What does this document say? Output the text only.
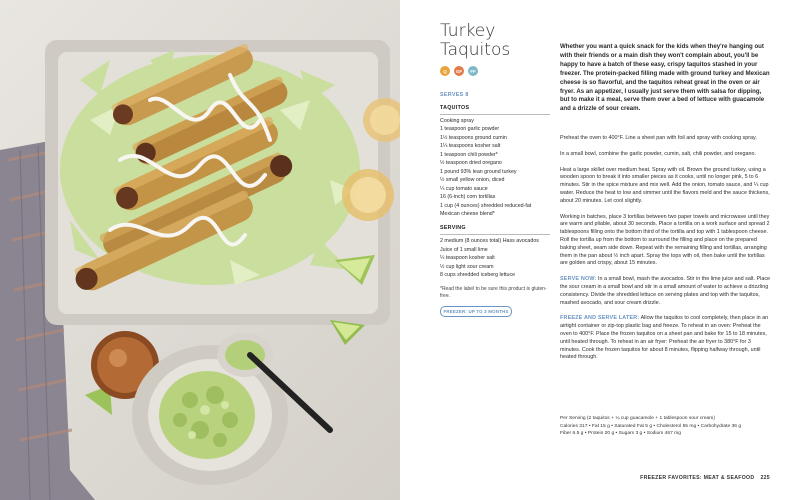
Turkey
Taquitos
Q	GF	FF
SERVES 8
TAQUITOS
Cooking spray
1 teaspoon garlic powder
1½ teaspoons ground cumin
1¼ teaspoons kosher salt
1 teaspoon chili powder*
½ teaspoon dried oregano
1 pound 93% lean ground turkey
½ small yellow onion, diced
¼ cup tomato sauce
16 (6-inch) corn tortillas
1 cup (4 ounces) shredded reduced-fat Mexican cheese blend*
SERVING
2 medium (8 ounces total) Hass avocados
Juice of 1 small lime
¼ teaspoon kosher salt
½ cup light sour cream
8 cups shredded iceberg lettuce
*Read the label to be sure this product is gluten-free.
FREEZER: UP TO 3 MONTHS
Whether you want a quick snack for the kids when they're hanging out with their friends or a main dish they won't complain about, you'll be happy to have a batch of these easy, crispy taquitos stashed in your freezer. The protein-packed filling made with ground turkey and Mexican cheese is so flavorful, and the taquitos reheat great in the oven or air fryer. As an appetizer, I usually just serve them with salsa for dipping, but to make it a meal, serve them over a bed of lettuce with guacamole and a drizzle of sour cream.

Preheat the oven to 400°F. Line a sheet pan with foil and spray with cooking spray.

In a small bowl, combine the garlic powder, cumin, salt, chili powder, and oregano.

Heat a large skillet over medium heat. Spray with oil. Brown the ground turkey, using a wooden spoon to break it into smaller pieces as it cooks, until no longer pink, 5 to 6 minutes. Stir in the spice mixture and mix well. Add the onion, tomato sauce, and ¼ cup water. Reduce the heat to low and simmer until the flavors meld and the sauce thickens, about 20 minutes. Let cool slightly.

Working in batches, place 3 tortillas between two paper towels and microwave until they are warm and pliable, about 30 seconds. Place a tortilla on a work surface and spread 2 tablespoons filling onto the bottom third of the tortilla and top with 1 tablespoon cheese. Roll the tortilla up from the bottom to surround the filling and place on the prepared baking sheet, seam side down. Repeat with the remaining filling and tortillas, arranging them in the pan about ½ inch apart. Spray the tops with oil, then bake until the tortillas are golden and crispy, about 15 minutes.

SERVE NOW: In a small bowl, mash the avocados. Stir in the lime juice and salt. Place the sour cream in a small bowl and stir in a small amount of water to achieve a drizzling consistency. Divide the shredded lettuce on serving plates and top with the taquitos, mashed avocado, and sour cream drizzle.

FREEZE AND SERVE LATER: Allow the taquitos to cool completely, then place in an airtight container or zip-top plastic bag and freeze. To reheat in an oven: Preheat the oven to 400°F. Place the frozen taquitos on a sheet pan and bake for 15 to 18 minutes, until heated through. To reheat in an air fryer: Preheat the air fryer to 380°F for 3 minutes. Cook the frozen taquitos for about 8 minutes, flipping halfway through, until heated through.

Per Serving (2 taquitos + ¼ cup guacamole + 1 tablespoon sour cream)
Calories 317 • Fat 15 g • Saturated Fat 5 g • Cholesterol 55 mg • Carbohydrate 36 g
Fiber 6.5 g • Protein 20 g • Sugars 3 g • Sodium 467 mg
FREEZER FAVORITES: MEAT & SEAFOOD 225
